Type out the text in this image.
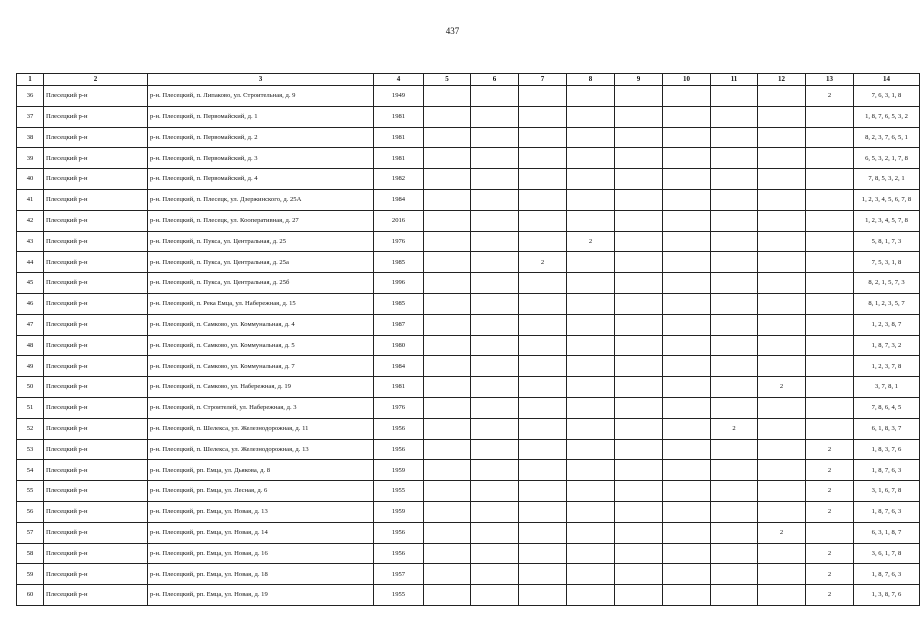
437
1	2	3	4	5	6	7	8	9	10	11	12	13	14
36	Плесецкий р-н	р-н. Плесецкий, п. Липаково, ул. Строительная, д. 9	1949									2	7, 6, 3, 1, 8
37	Плесецкий р-н	р-н. Плесецкий, п. Первомайский, д. 1	1981										1, 8, 7, 6, 5, 3, 2
38	Плесецкий р-н	р-н. Плесецкий, п. Первомайский, д. 2	1981										8, 2, 3, 7, 6, 5, 1
39	Плесецкий р-н	р-н. Плесецкий, п. Первомайский, д. 3	1981										6, 5, 3, 2, 1, 7, 8
40	Плесецкий р-н	р-н. Плесецкий, п. Первомайский, д. 4	1982										7, 8, 5, 3, 2, 1
41	Плесецкий р-н	р-н. Плесецкий, п. Плесецк, ул. Дзержинского, д. 25А	1984										1, 2, 3, 4, 5, 6, 7, 8
42	Плесецкий р-н	р-н. Плесецкий, п. Плесецк, ул. Кооперативная, д. 27	2016										1, 2, 3, 4, 5, 7, 8
43	Плесецкий р-н	р-н. Плесецкий, п. Пукса, ул. Центральная, д. 25	1976				2						5, 8, 1, 7, 3
44	Плесецкий р-н	р-н. Плесецкий, п. Пукса, ул. Центральная, д. 25а	1985			2							7, 5, 3, 1, 8
45	Плесецкий р-н	р-н. Плесецкий, п. Пукса, ул. Центральная, д. 25б	1996										8, 2, 1, 5, 7, 3
46	Плесецкий р-н	р-н. Плесецкий, п. Река Емца, ул. Набережная, д. 15	1985										8, 1, 2, 3, 5, 7
47	Плесецкий р-н	р-н. Плесецкий, п. Самково, ул. Коммунальная, д. 4	1987										1, 2, 3, 8, 7
48	Плесецкий р-н	р-н. Плесецкий, п. Самково, ул. Коммунальная, д. 5	1980										1, 8, 7, 3, 2
49	Плесецкий р-н	р-н. Плесецкий, п. Самково, ул. Коммунальная, д. 7	1984										1, 2, 3, 7, 8
50	Плесецкий р-н	р-н. Плесецкий, п. Самково, ул. Набережная, д. 19	1981								2		3, 7, 8, 1
51	Плесецкий р-н	р-н. Плесецкий, п. Строителей, ул. Набережная, д. 3	1976										7, 8, 6, 4, 5
52	Плесецкий р-н	р-н. Плесецкий, п. Шелекса, ул. Железнодорожная, д. 11	1956							2			6, 1, 8, 3, 7
53	Плесецкий р-н	р-н. Плесецкий, п. Шелекса, ул. Железнодорожная, д. 13	1956									2	1, 8, 3, 7, 6
54	Плесецкий р-н	р-н. Плесецкий, рп. Емца, ул. Дьякова, д. 8	1959									2	1, 8, 7, 6, 3
55	Плесецкий р-н	р-н. Плесецкий, рп. Емца, ул. Лесная, д. 6	1955									2	3, 1, 6, 7, 8
56	Плесецкий р-н	р-н. Плесецкий, рп. Емца, ул. Новая, д. 13	1959									2	1, 8, 7, 6, 3
57	Плесецкий р-н	р-н. Плесецкий, рп. Емца, ул. Новая, д. 14	1956								2		6, 3, 1, 8, 7
58	Плесецкий р-н	р-н. Плесецкий, рп. Емца, ул. Новая, д. 16	1956									2	3, 6, 1, 7, 8
59	Плесецкий р-н	р-н. Плесецкий, рп. Емца, ул. Новая, д. 18	1957									2	1, 8, 7, 6, 3
60	Плесецкий р-н	р-н. Плесецкий, рп. Емца, ул. Новая, д. 19	1955									2	1, 3, 8, 7, 6
